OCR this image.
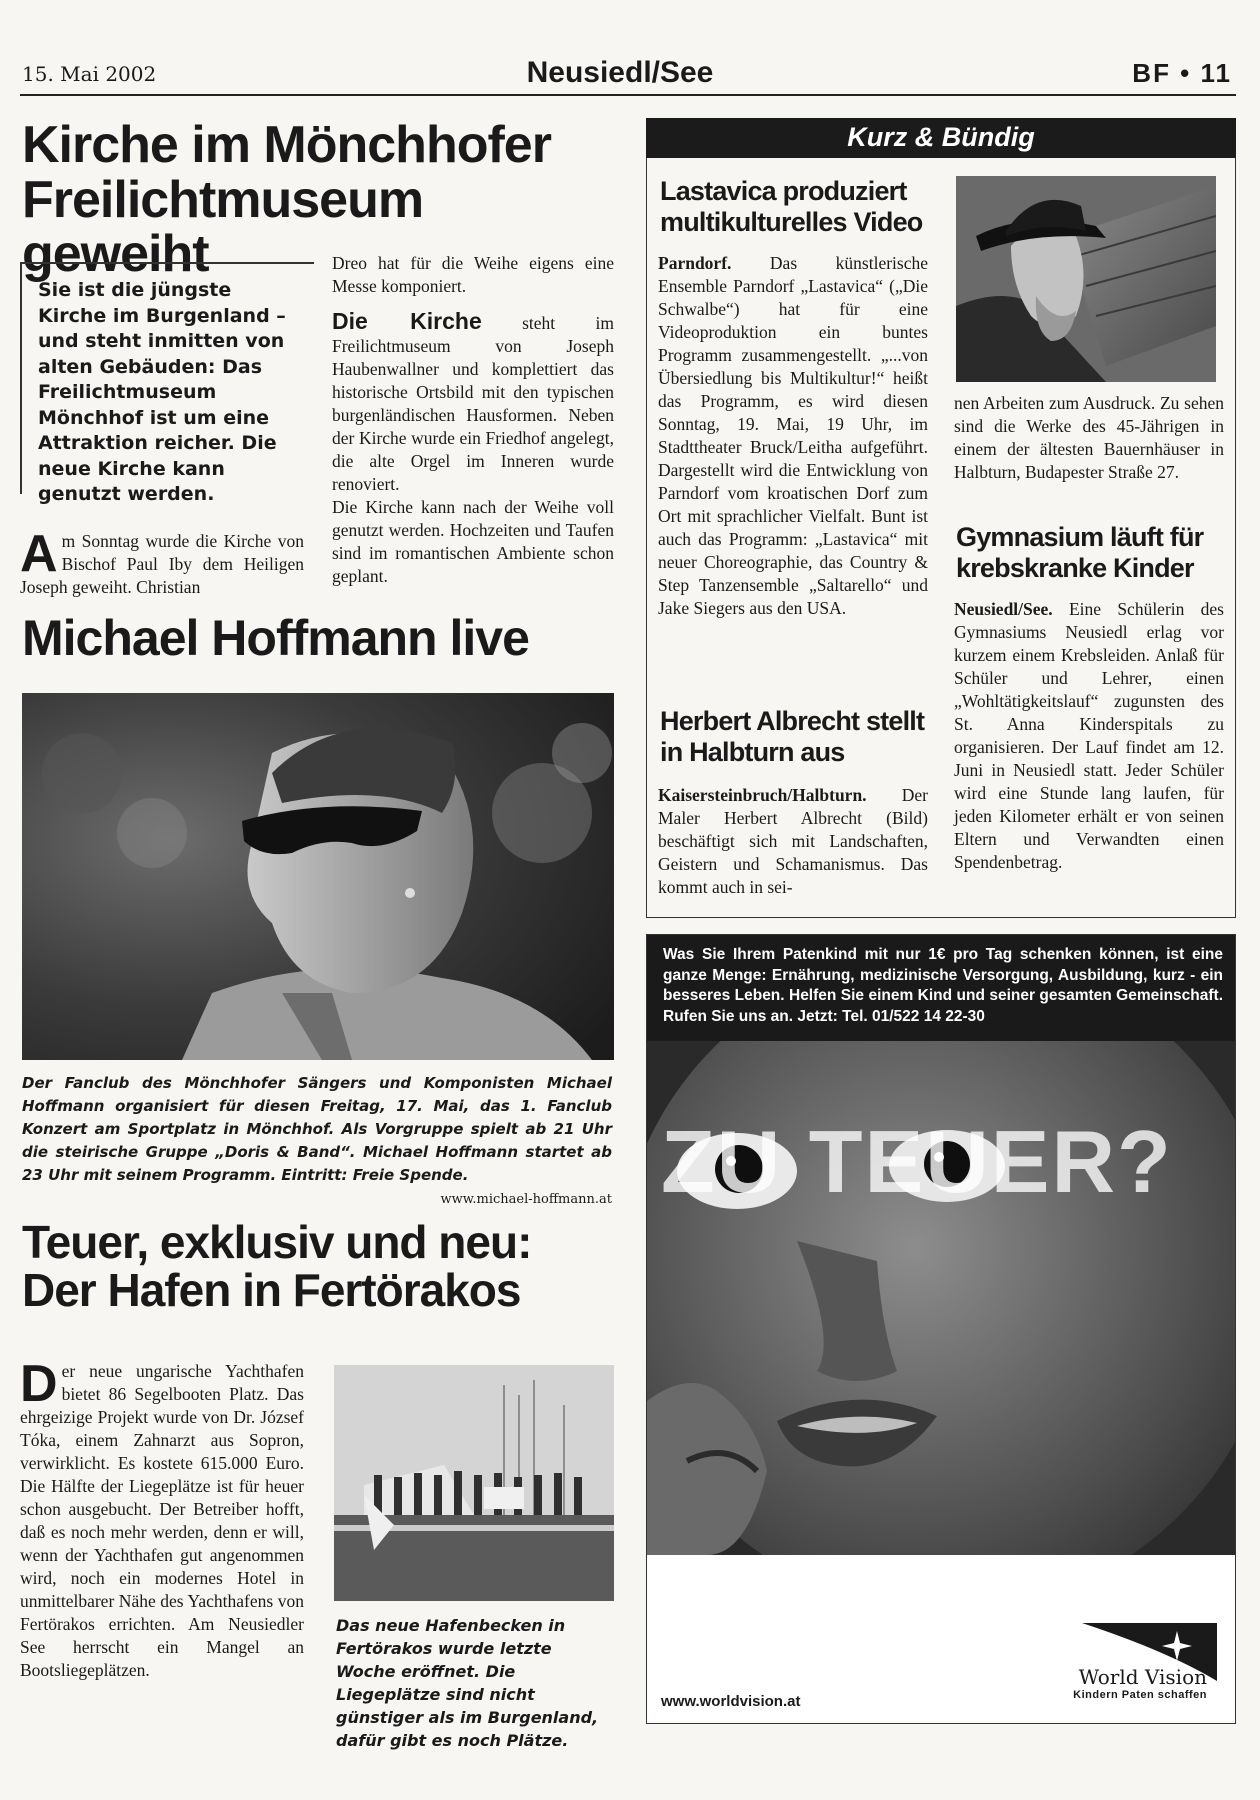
15. Mai 2002	Neusiedl/See	BF • 11
Kirche im Mönchhofer
Freilichtmuseum geweiht
Sie ist die jüngste Kirche im Burgenland – und steht inmitten von alten Gebäuden: Das Freilichtmuseum Mönchhof ist um eine Attraktion reicher. Die neue Kirche kann genutzt werden.
Am Sonntag wurde die Kirche von Bischof Paul Iby dem Heiligen Joseph geweiht. Christian

Dreo hat für die Weihe eigens eine Messe komponiert.

Die Kirche steht im Freilichtmuseum von Joseph Haubenwallner und komplettiert das historische Ortsbild mit den typischen burgenländischen Hausformen. Neben der Kirche wurde ein Friedhof angelegt, die alte Orgel im Inneren wurde renoviert.

Die Kirche kann nach der Weihe voll genutzt werden. Hochzeiten und Taufen sind im romantischen Ambiente schon geplant.

Michael Hoffmann live
Der Fanclub des Mönchhofer Sängers und Komponisten Michael Hoffmann organisiert für diesen Freitag, 17. Mai, das 1. Fanclub Konzert am Sportplatz in Mönchhof. Als Vorgruppe spielt ab 21 Uhr die steirische Gruppe „Doris & Band“. Michael Hoffmann startet ab 23 Uhr mit seinem Programm. Eintritt: Freie Spende.
www.michael-hoffmann.at
Teuer, exklusiv und neu:
Der Hafen in Fertörakos
Der neue ungarische Yachthafen bietet 86 Segelbooten Platz. Das ehrgeizige Projekt wurde von Dr. József Tóka, einem Zahnarzt aus Sopron, verwirklicht. Es kostete 615.000 Euro. Die Hälfte der Liegeplätze ist für heuer schon ausgebucht. Der Betreiber hofft, daß es noch mehr werden, denn er will, wenn der Yachthafen gut angenommen wird, noch ein modernes Hotel in unmittelbarer Nähe des Yachthafens von Fertörakos errichten. Am Neusiedler See herrscht ein Mangel an Bootsliegeplätzen.
Das neue Hafenbecken in Fertörakos wurde letzte Woche eröffnet. Die Liegeplätze sind nicht günstiger als im Burgenland, dafür gibt es noch Plätze.
Kurz & Bündig
Lastavica produziert
multikulturelles Video
Parndorf. Das künstlerische Ensemble Parndorf „Lastavica“ („Die Schwalbe“) hat für eine Videoproduktion ein buntes Programm zusammengestellt. „...von Übersiedlung bis Multikultur!“ heißt das Programm, es wird diesen Sonntag, 19. Mai, 19 Uhr, im Stadttheater Bruck/Leitha aufgeführt. Dargestellt wird die Entwicklung von Parndorf vom kroatischen Dorf zum Ort mit sprachlicher Vielfalt. Bunt ist auch das Programm: „Lastavica“ mit neuer Choreographie, das Country & Step Tanzensemble „Saltarello“ und Jake Siegers aus den USA.
Herbert Albrecht stellt
in Halbturn aus
Kaisersteinbruch/Halbturn. Der Maler Herbert Albrecht (Bild) beschäftigt sich mit Landschaften, Geistern und Schamanismus. Das kommt auch in sei-
nen Arbeiten zum Ausdruck. Zu sehen sind die Werke des 45-Jährigen in einem der ältesten Bauernhäuser in Halbturn, Budapester Straße 27.
Gymnasium läuft für
krebskranke Kinder
Neusiedl/See. Eine Schülerin des Gymnasiums Neusiedl erlag vor kurzem einem Krebsleiden. Anlaß für Schüler und Lehrer, einen „Wohltätigkeitslauf“ zugunsten des St. Anna Kinderspitals zu organisieren. Der Lauf findet am 12. Juni in Neusiedl statt. Jeder Schüler wird eine Stunde lang laufen, für jeden Kilometer erhält er von seinen Eltern und Verwandten einen Spendenbetrag.
Was Sie Ihrem Patenkind mit nur 1€ pro Tag schenken können, ist eine ganze Menge: Ernährung, medizinische Versorgung, Ausbildung, kurz - ein besseres Leben. Helfen Sie einem Kind und seiner gesamten Gemeinschaft. Rufen Sie uns an. Jetzt: Tel. 01/522 14 22-30
ZU TEUER?
www.worldvision.at
World Vision
Kindern Paten schaffen
